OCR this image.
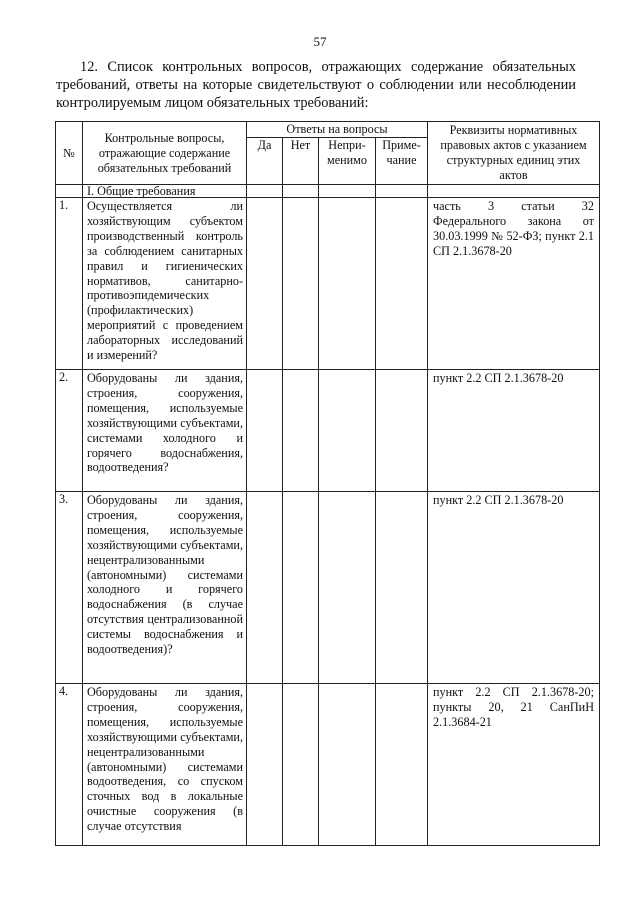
57
12. Список контрольных вопросов, отражающих содержание обязательных требований, ответы на которые свидетельствуют о соблюдении или несоблюдении контролируемым лицом обязательных требований:
№	Контрольные вопросы, отражающие содержание обязательных требований	Ответы на вопросы				Реквизиты нормативных правовых актов с указанием структурных единиц этих актов
		Да	Нет	Непри-менимо	Приме-чание	
	I. Общие требования					
1.	Осуществляется ли хозяйствующим субъектом производственный контроль за соблюдением санитарных правил и гигиенических нормативов, санитарно-противоэпидемических (профилактических) мероприятий с проведением лабораторных исследований и измерений?					часть 3 статьи 32 Федерального закона от 30.03.1999 № 52-ФЗ; пункт 2.1 СП 2.1.3678-20
2.	Оборудованы ли здания, строения, сооружения, помещения, используемые хозяйствующими субъектами, системами холодного и горячего водоснабжения, водоотведения?					пункт 2.2 СП 2.1.3678-20
3.	Оборудованы ли здания, строения, сооружения, помещения, используемые хозяйствующими субъектами, нецентрализованными (автономными) системами холодного и горячего водоснабжения (в случае отсутствия централизованной системы водоснабжения и водоотведения)?					пункт 2.2 СП 2.1.3678-20
4.	Оборудованы ли здания, строения, сооружения, помещения, используемые хозяйствующими субъектами, нецентрализованными (автономными) системами водоотведения, со спуском сточных вод в локальные очистные сооружения (в случае отсутствия					пункт 2.2 СП 2.1.3678-20; пункты 20, 21 СанПиН 2.1.3684-21
